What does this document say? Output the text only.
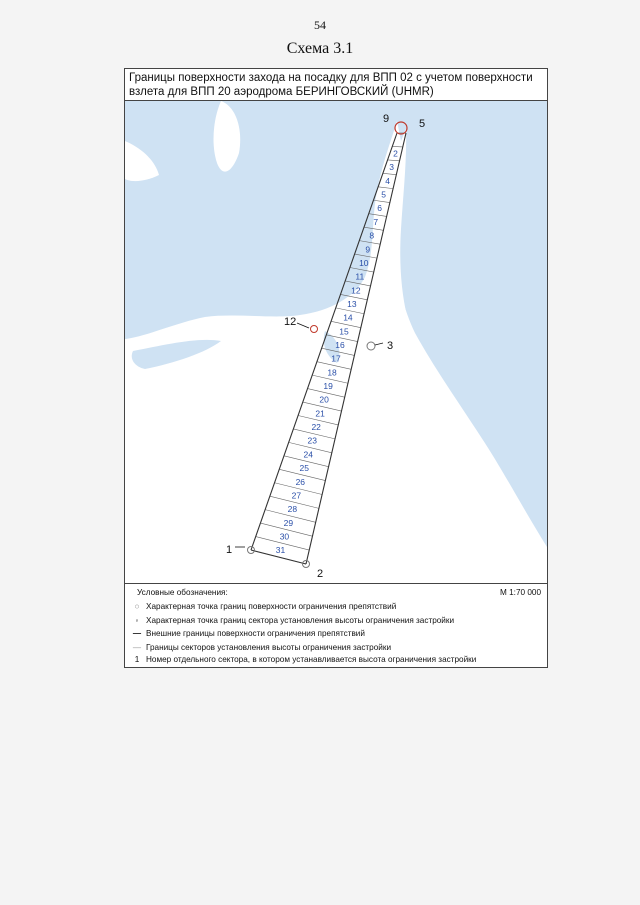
54
Схема 3.1
Границы поверхности захода на посадку для ВПП 02 с учетом поверхности взлета для ВПП 20 аэродрома БЕРИНГОВСКИЙ (UHMR)
2
3
4
5
6
7
8
9
10
11
12
13
14
15
16
17
18
19
20
21
22
23
24
25
26
27
28
29
30
31
1
2
3
5
9
12
Условные обозначения:	М 1:70 000
○ Характерная точка границ поверхности ограничения препятствий
◦ Характерная точка границ сектора установления высоты ограничения застройки
— Внешние границы поверхности ограничения препятствий
— Границы секторов установления высоты ограничения застройки
1 Номер отдельного сектора, в котором устанавливается высота ограничения застройки
